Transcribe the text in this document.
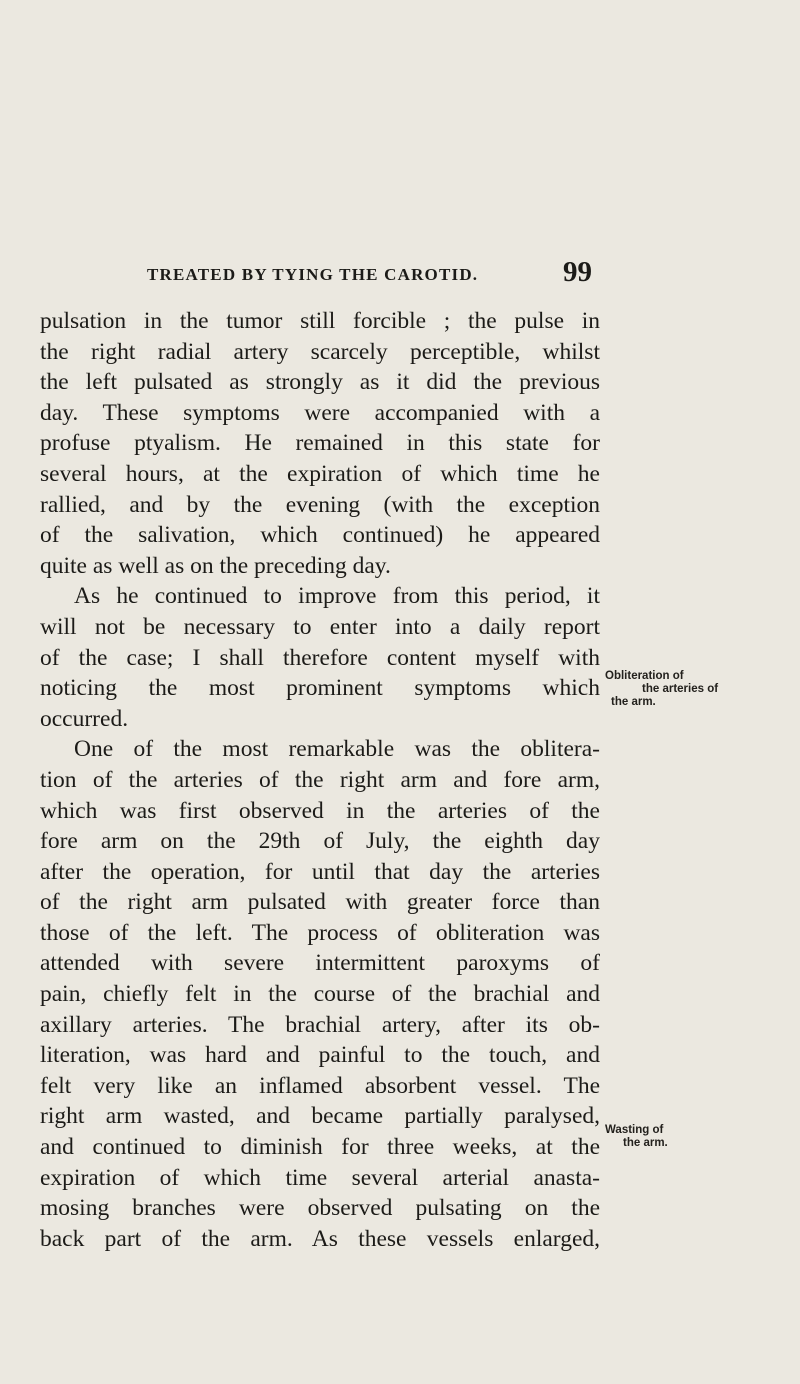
TREATED BY TYING THE CAROTID.	99
pulsation in the tumor still forcible ; the pulse in
the right radial artery scarcely perceptible, whilst
the left pulsated as strongly as it did the previous
day. These symptoms were accompanied with a
profuse ptyalism. He remained in this state for
several hours, at the expiration of which time he
rallied, and by the evening (with the exception
of the salivation, which continued) he appeared
quite as well as on the preceding day.
As he continued to improve from this period, it
will not be necessary to enter into a daily report
of the case; I shall therefore content myself with
noticing the most prominent symptoms which
occurred.
One of the most remarkable was the oblitera-
tion of the arteries of the right arm and fore arm,
which was first observed in the arteries of the
fore arm on the 29th of July, the eighth day
after the operation, for until that day the arteries
of the right arm pulsated with greater force than
those of the left. The process of obliteration was
attended with severe intermittent paroxyms of
pain, chiefly felt in the course of the brachial and
axillary arteries. The brachial artery, after its ob-
literation, was hard and painful to the touch, and
felt very like an inflamed absorbent vessel. The
right arm wasted, and became partially paralysed,
and continued to diminish for three weeks, at the
expiration of which time several arterial anasta-
mosing branches were observed pulsating on the
back part of the arm. As these vessels enlarged,
Obliteration of
the arteries of
the arm.
Wasting of
the arm.
